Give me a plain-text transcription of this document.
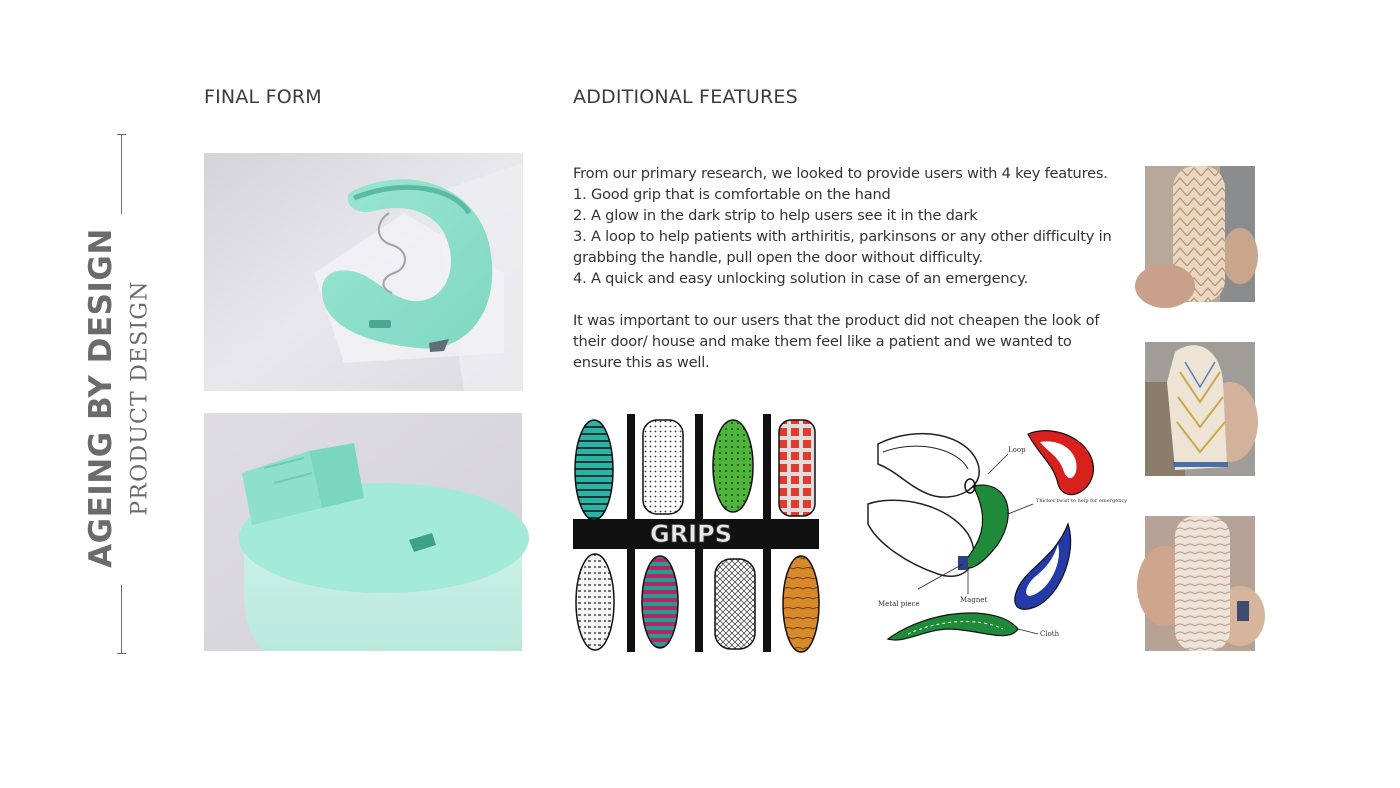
AGEING BY DESIGN PRODUCT DESIGN
FINAL FORM	ADDITIONAL FEATURES

From our primary research, we looked to provide users with 4 key features.

1. Good grip that is comfortable on the hand

2. A glow in the dark strip to help users see it in the dark

3. A loop to help patients with arthiritis, parkinsons or any other difficulty in grabbing the handle, pull open the door without difficulty.

4. A quick and easy unlocking solution in case of an emergency.

It was important to our users that the product did not cheapen the look of their door/ house and make them feel like a patient and we wanted to ensure this as well.

GRIPS
Loop
Magnet
Metal piece
Cloth
Thicker twist to help for emergency
